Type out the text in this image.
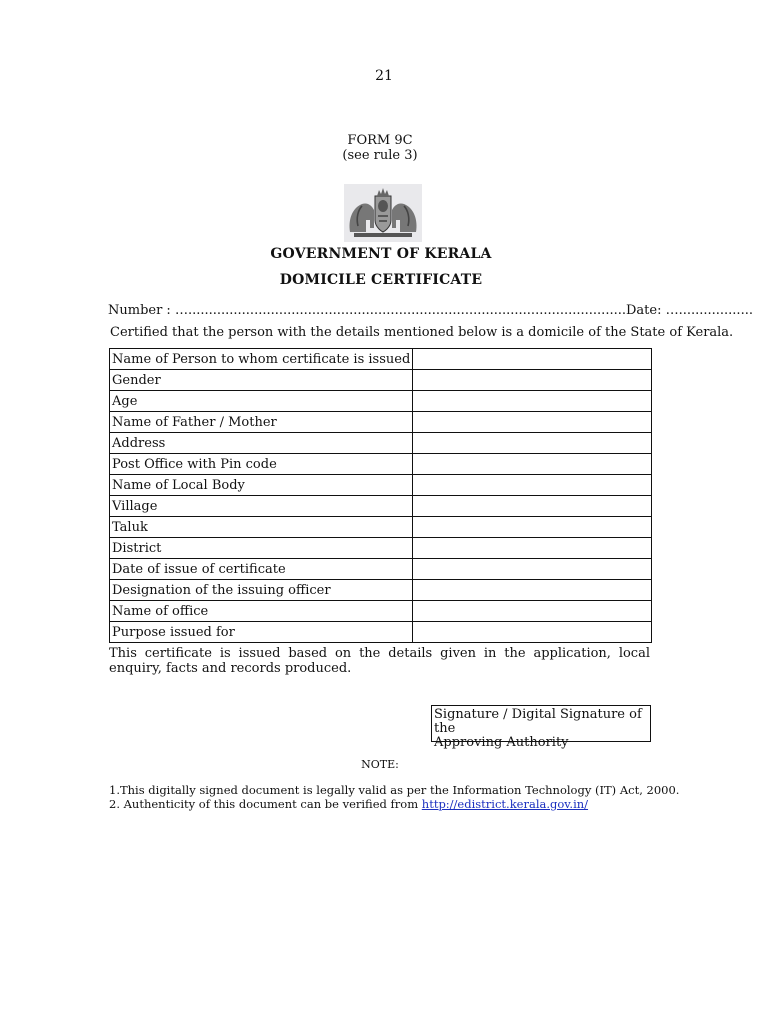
21
FORM 9C
(see rule 3)
GOVERNMENT OF KERALA
DOMICILE CERTIFICATE
Number : …..........................................................................................................Date: …..................
Certified that the person with the details mentioned below is a domicile of the State of Kerala.
Name of Person to whom certificate is issued	
Gender	
Age	
Name of Father / Mother	
Address	
Post Office with Pin code	
Name of Local Body	
Village	
Taluk	
District	
Date of issue of certificate	
Designation of the issuing officer	
Name of office	
Purpose issued for	
This certificate is issued based on the details given in the application, local enquiry, facts and records produced.
Signature / Digital Signature of the
Approving Authority
NOTE:
1.This digitally signed document is legally valid as per the Information Technology (IT) Act, 2000.
2. Authenticity of this document can be verified from http://edistrict.kerala.gov.in/
